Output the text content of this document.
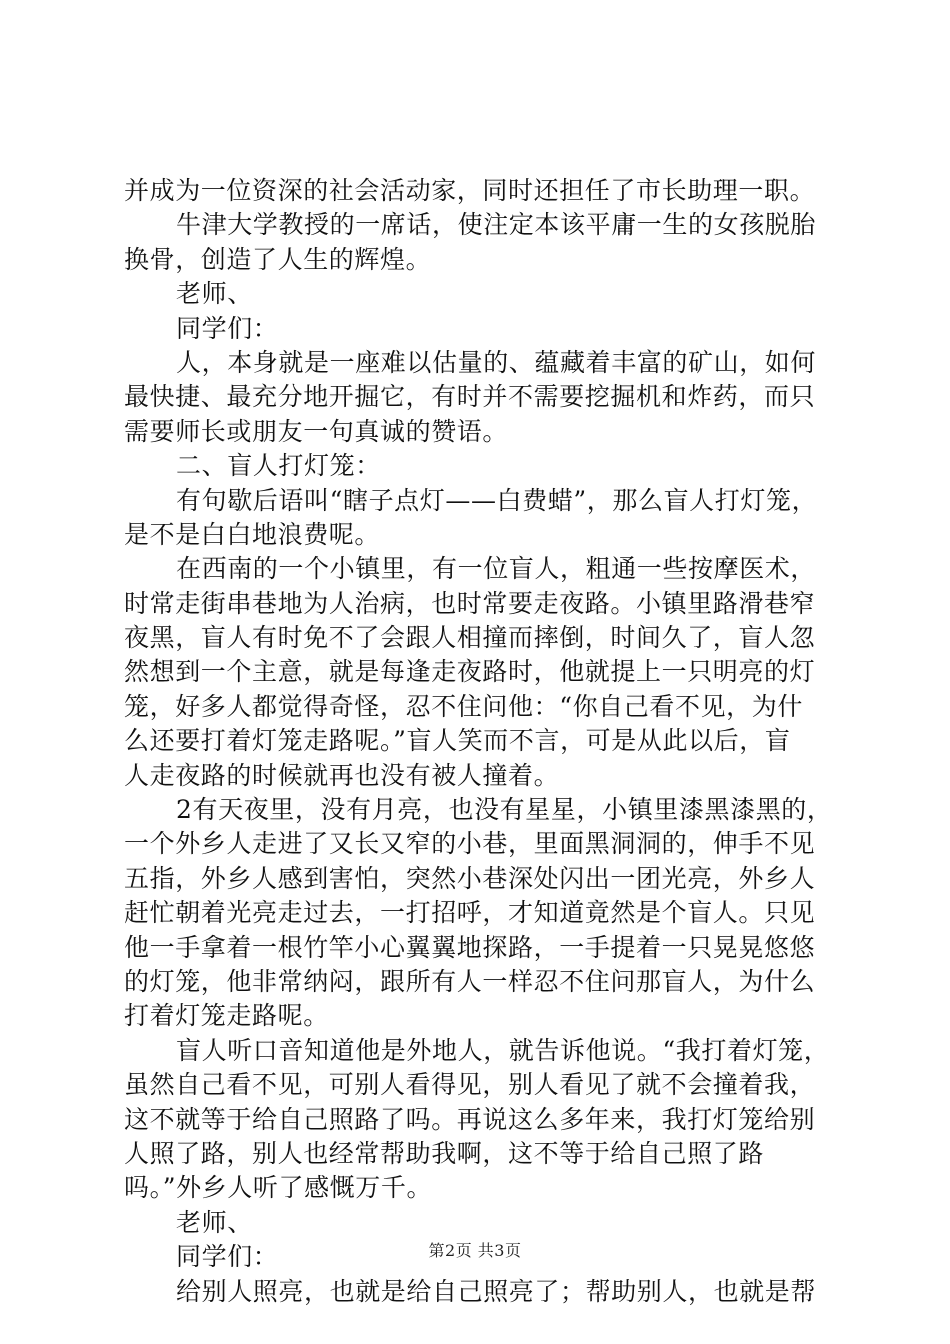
并成为一位资深的社会活动家，同时还担任了市长助理一职。
牛津大学教授的一席话，使注定本该平庸一生的女孩脱胎
换骨，创造了人生的辉煌。
老师、
同学们：
人，本身就是一座难以估量的、蕴藏着丰富的矿山，如何
最快捷、最充分地开掘它，有时并不需要挖掘机和炸药，而只
需要师长或朋友一句真诚的赞语。
二、盲人打灯笼：
有句歇后语叫“瞎子点灯——白费蜡”，那么盲人打灯笼，
是不是白白地浪费呢。
在西南的一个小镇里，有一位盲人，粗通一些按摩医术，
时常走街串巷地为人治病，也时常要走夜路。小镇里路滑巷窄
夜黑，盲人有时免不了会跟人相撞而摔倒，时间久了，盲人忽
然想到一个主意，就是每逢走夜路时，他就提上一只明亮的灯
笼，好多人都觉得奇怪，忍不住问他：“你自己看不见，为什
么还要打着灯笼走路呢。”盲人笑而不言，可是从此以后，盲
人走夜路的时候就再也没有被人撞着。
2有天夜里，没有月亮，也没有星星，小镇里漆黑漆黑的，
一个外乡人走进了又长又窄的小巷，里面黑洞洞的，伸手不见
五指，外乡人感到害怕，突然小巷深处闪出一团光亮，外乡人
赶忙朝着光亮走过去，一打招呼，才知道竟然是个盲人。只见
他一手拿着一根竹竿小心翼翼地探路，一手提着一只晃晃悠悠
的灯笼，他非常纳闷，跟所有人一样忍不住问那盲人，为什么
打着灯笼走路呢。
盲人听口音知道他是外地人，就告诉他说。“我打着灯笼，
虽然自己看不见，可别人看得见，别人看见了就不会撞着我，
这不就等于给自己照路了吗。再说这么多年来，我打灯笼给别
人照了路，别人也经常帮助我啊，这不等于给自己照了路
吗。”外乡人听了感慨万千。
老师、
同学们：
给别人照亮，也就是给自己照亮了；帮助别人，也就是帮
第2页 共3页
